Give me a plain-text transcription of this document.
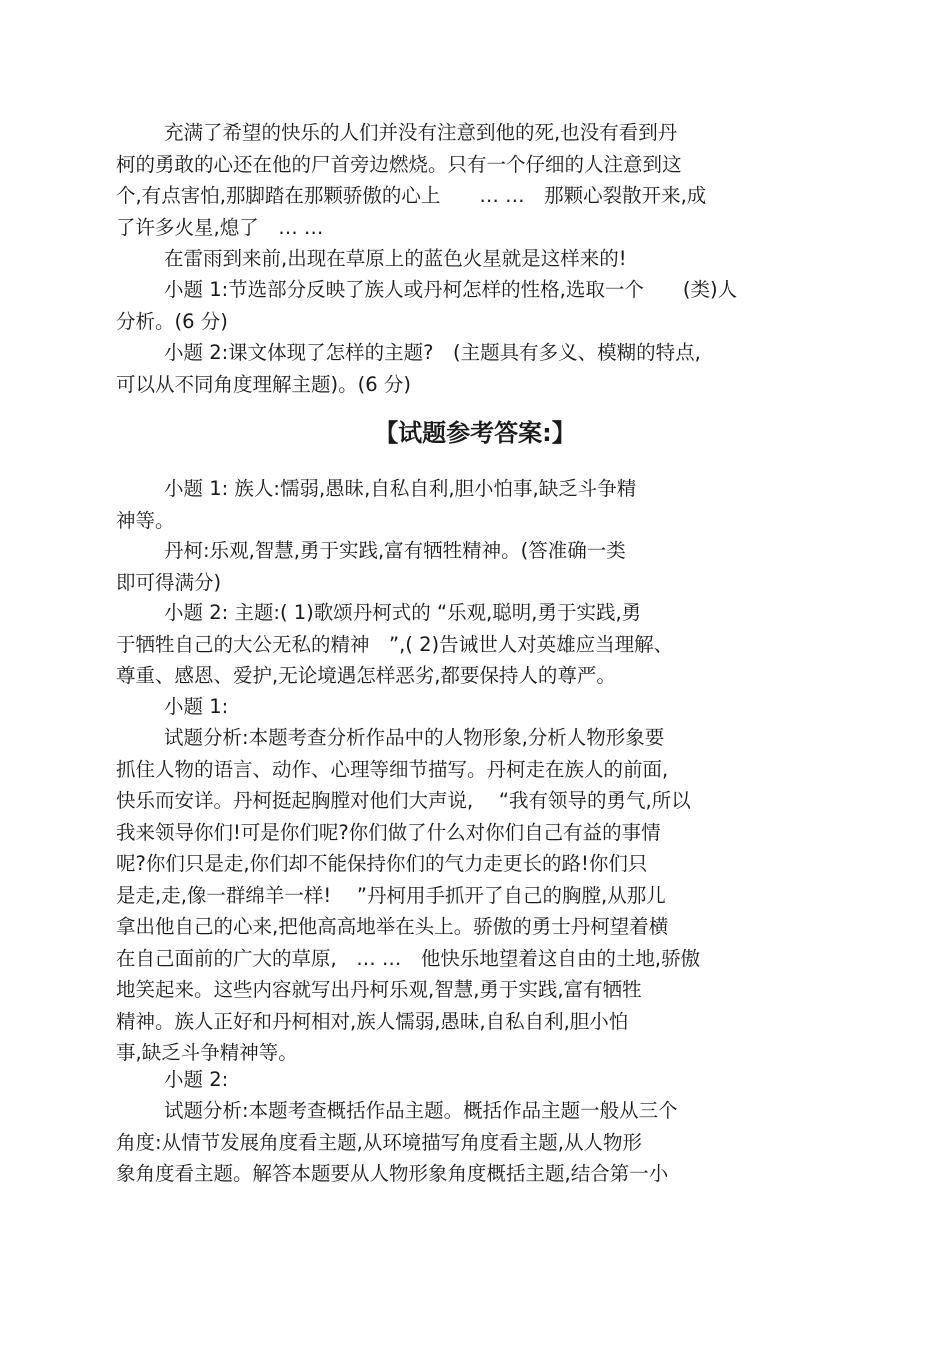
充满了希望的快乐的人们并没有注意到他的死,也没有看到丹
柯的勇敢的心还在他的尸首旁边燃烧。只有一个仔细的人注意到这
个,有点害怕,那脚踏在那颗骄傲的心上　　… …　那颗心裂散开来,成
了许多火星,熄了　… …

在雷雨到来前,出现在草原上的蓝色火星就是这样来的!

小题 1:节选部分反映了族人或丹柯怎样的性格,选取一个　　(类)人
分析。(6 分)

小题 2:课文体现了怎样的主题?　(主题具有多义、模糊的特点,
可以从不同角度理解主题)。(6 分)

【试题参考答案:】

小题 1: 族人:懦弱,愚昧,自私自利,胆小怕事,缺乏斗争精
神等。

丹柯:乐观,智慧,勇于实践,富有牺牲精神。(答准确一类
即可得满分)

小题 2: 主题:( 1)歌颂丹柯式的 “乐观,聪明,勇于实践,勇
于牺牲自己的大公无私的精神　”,( 2)告诫世人对英雄应当理解、
尊重、感恩、爱护,无论境遇怎样恶劣,都要保持人的尊严。

小题 1:

试题分析:本题考查分析作品中的人物形象,分析人物形象要
抓住人物的语言、动作、心理等细节描写。丹柯走在族人的前面,
快乐而安详。丹柯挺起胸膛对他们大声说,　 “我有领导的勇气,所以
我来领导你们!可是你们呢?你们做了什么对你们自己有益的事情
呢?你们只是走,你们却不能保持你们的气力走更长的路!你们只
是走,走,像一群绵羊一样!　 ”丹柯用手抓开了自己的胸膛,从那儿
拿出他自己的心来,把他高高地举在头上。骄傲的勇士丹柯望着横
在自己面前的广大的草原,　… …　他快乐地望着这自由的土地,骄傲
地笑起来。这些内容就写出丹柯乐观,智慧,勇于实践,富有牺牲
精神。族人正好和丹柯相对,族人懦弱,愚昧,自私自利,胆小怕
事,缺乏斗争精神等。

小题 2:

试题分析:本题考查概括作品主题。概括作品主题一般从三个
角度:从情节发展角度看主题,从环境描写角度看主题,从人物形
象角度看主题。解答本题要从人物形象角度概括主题,结合第一小
